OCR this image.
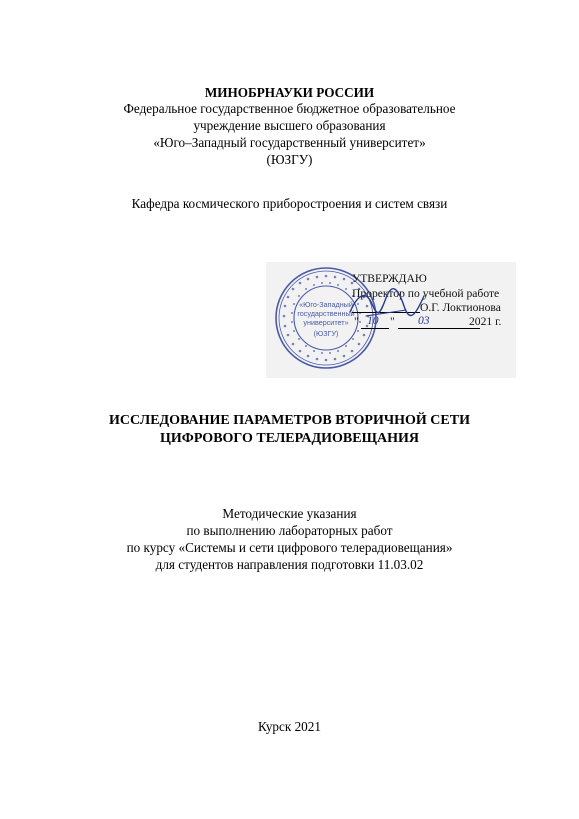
МИНОБРНАУКИ РОССИИ
Федеральное государственное бюджетное образовательное
учреждение высшего образования
«Юго–Западный государственный университет»
(ЮЗГУ)
Кафедра космического приборостроения и систем связи
«Юго-Западный
государственный
университет»
(ЮЗГУ)
УТВЕРЖДАЮ
Проректор по учебной работе
О.Г. Локтионова
" 10 " 03	2021 г.
ИССЛЕДОВАНИЕ ПАРАМЕТРОВ ВТОРИЧНОЙ СЕТИ
ЦИФРОВОГО ТЕЛЕРАДИОВЕЩАНИЯ
Методические указания
по выполнению лабораторных работ
по курсу «Системы и сети цифрового телерадиовещания»
для студентов направления подготовки 11.03.02
Курск 2021
